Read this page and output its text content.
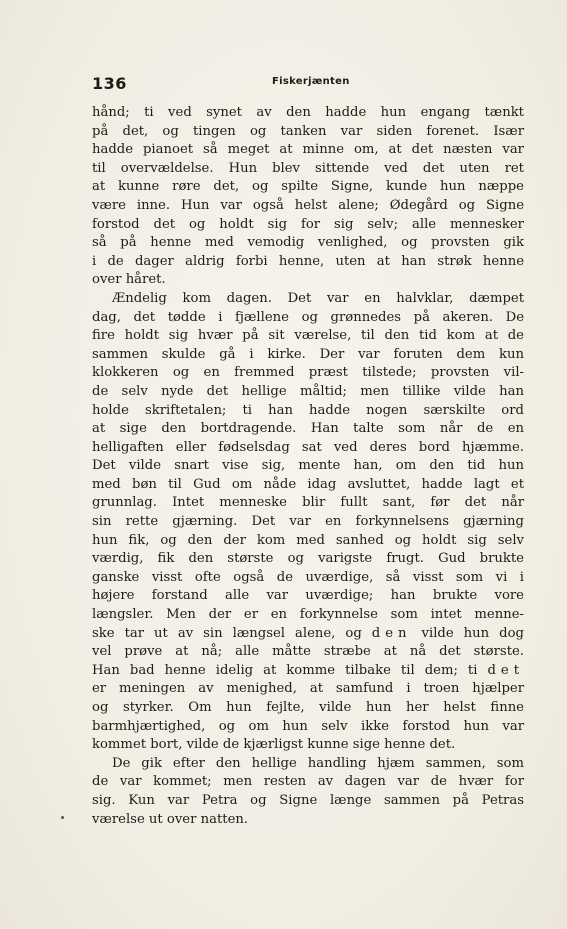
136	Fiskerjænten
hånd; ti ved synet av den hadde hun engang tænkt
på det, og tingen og tanken var siden forenet. Især
hadde pianoet så meget at minne om, at det næsten var
til overvældelse. Hun blev sittende ved det uten ret
at kunne røre det, og spilte Signe, kunde hun næppe
være inne. Hun var også helst alene; Ødegård og Signe
forstod det og holdt sig for sig selv; alle mennesker
så på henne med vemodig venlighed, og provsten gik
i de dager aldrig forbi henne, uten at han strøk henne
over håret.
Ændelig kom dagen. Det var en halvklar, dæmpet
dag, det tødde i fjællene og grønnedes på akeren. De
fire holdt sig hvær på sit værelse, til den tid kom at de
sammen skulde gå i kirke. Der var foruten dem kun
klokkeren og en fremmed præst tilstede; provsten vil-
de selv nyde det hellige måltid; men tillike vilde han
holde skriftetalen; ti han hadde nogen særskilte ord
at sige den bortdragende. Han talte som når de en
helligaften eller fødselsdag sat ved deres bord hjæmme.
Det vilde snart vise sig, mente han, om den tid hun
med bøn til Gud om nåde idag avsluttet, hadde lagt et
grunnlag. Intet menneske blir fullt sant, før det når
sin rette gjærning. Det var en forkynnelsens gjærning
hun fik, og den der kom med sanhed og holdt sig selv
værdig, fik den største og varigste frugt. Gud brukte
ganske visst ofte også de uværdige, så visst som vi i
højere forstand alle var uværdige; han brukte vore
længsler. Men der er en forkynnelse som intet menne-
ske tar ut av sin længsel alene, og den vilde hun dog
vel prøve at nå; alle måtte stræbe at nå det største.
Han bad henne idelig at komme tilbake til dem; ti det
er meningen av menighed, at samfund i troen hjælper
og styrker. Om hun fejlte, vilde hun her helst finne
barmhjærtighed, og om hun selv ikke forstod hun var
kommet bort, vilde de kjærligst kunne sige henne det.
De gik efter den hellige handling hjæm sammen, som
de var kommet; men resten av dagen var de hvær for
sig. Kun var Petra og Signe længe sammen på Petras
værelse ut over natten.
